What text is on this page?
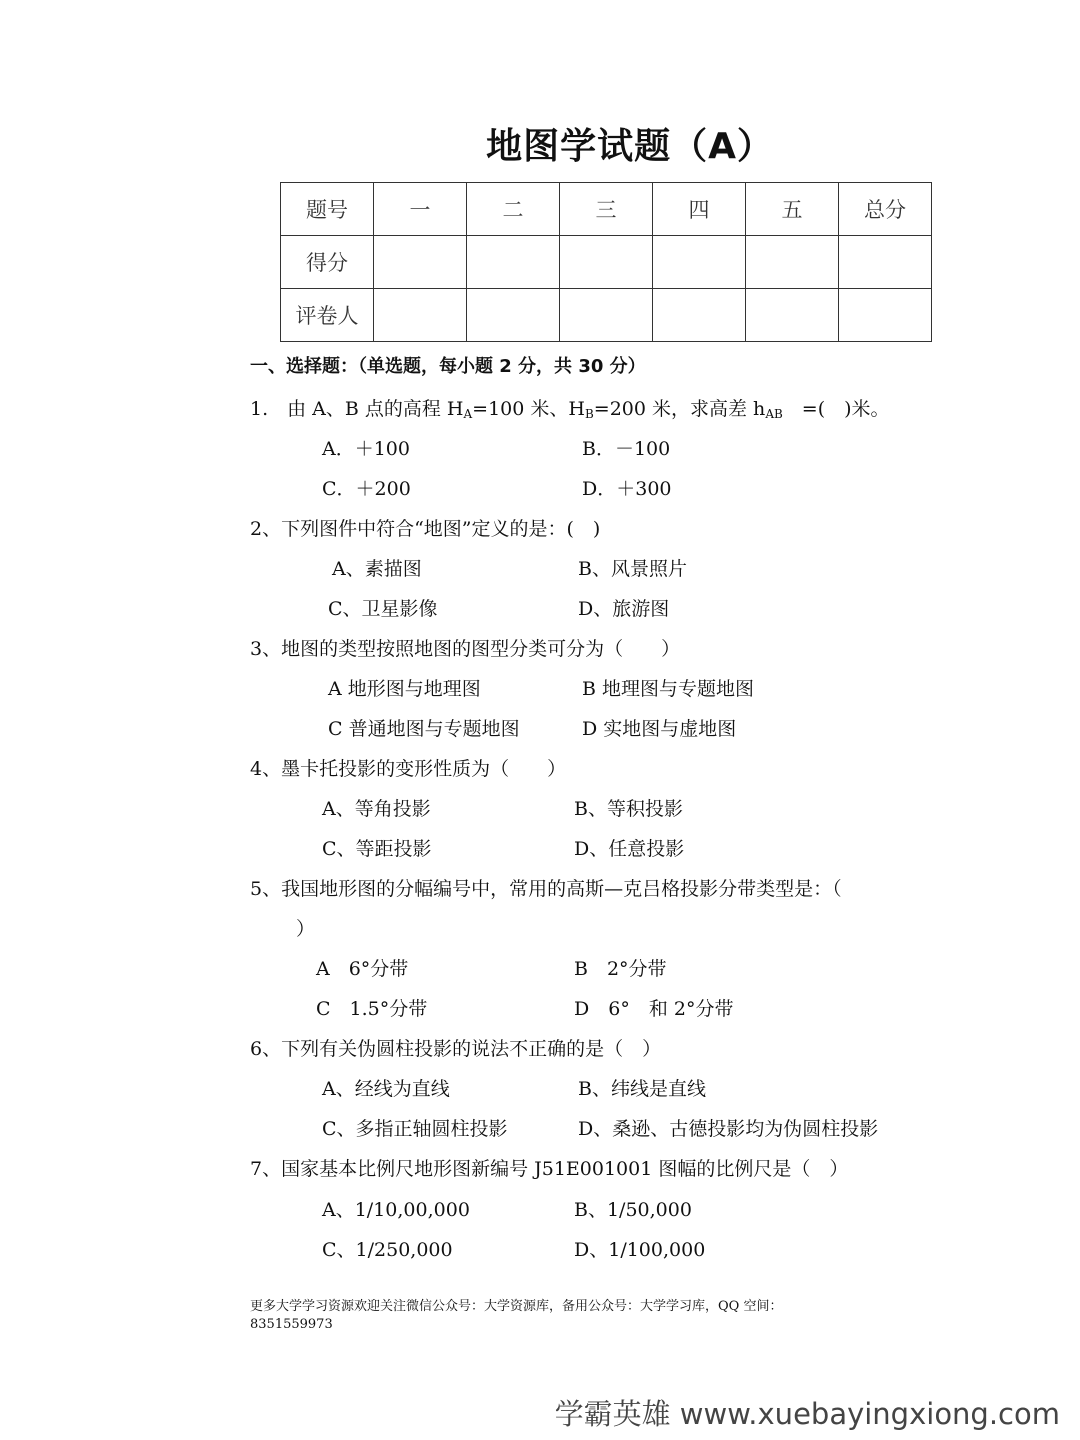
地图学试题（A）
题号	一	二	三	四	五	总分
得分						
评卷人						
一、选择题：（单选题，每小题 2 分，共 30 分）
1.　由 A、B 点的高程 $H_A=100$ 米、$H_B=200$ 米，求高差 $h_{AB}$　=(　)米。
A．＋100	B．－100
C．＋200	D．＋300
2、下列图件中符合“地图”定义的是：(　)
A、素描图	B、风景照片
C、卫星影像	D、旅游图
3、地图的类型按照地图的图型分类可分为（　　）
A 地形图与地理图	B 地理图与专题地图
C 普通地图与专题地图	D 实地图与虚地图
4、墨卡托投影的变形性质为（　　）
A、等角投影	B、等积投影
C、等距投影	D、任意投影
5、我国地形图的分幅编号中，常用的高斯—克吕格投影分带类型是：（
）
A　6°分带	B　2°分带
C　1.5°分带	D　6°　和 2°分带
6、下列有关伪圆柱投影的说法不正确的是（　）
A、经线为直线	B、纬线是直线
C、多指正轴圆柱投影	D、桑逊、古德投影均为伪圆柱投影
7、国家基本比例尺地形图新编号 J51E001001 图幅的比例尺是（　）
A、1/10,00,000	B、1/50,000
C、1/250,000	D、1/100,000
更多大学学习资源欢迎关注微信公众号：大学资源库，备用公众号：大学学习库，QQ 空间：
8351559973
学霸英雄 www.xuebayingxiong.com
